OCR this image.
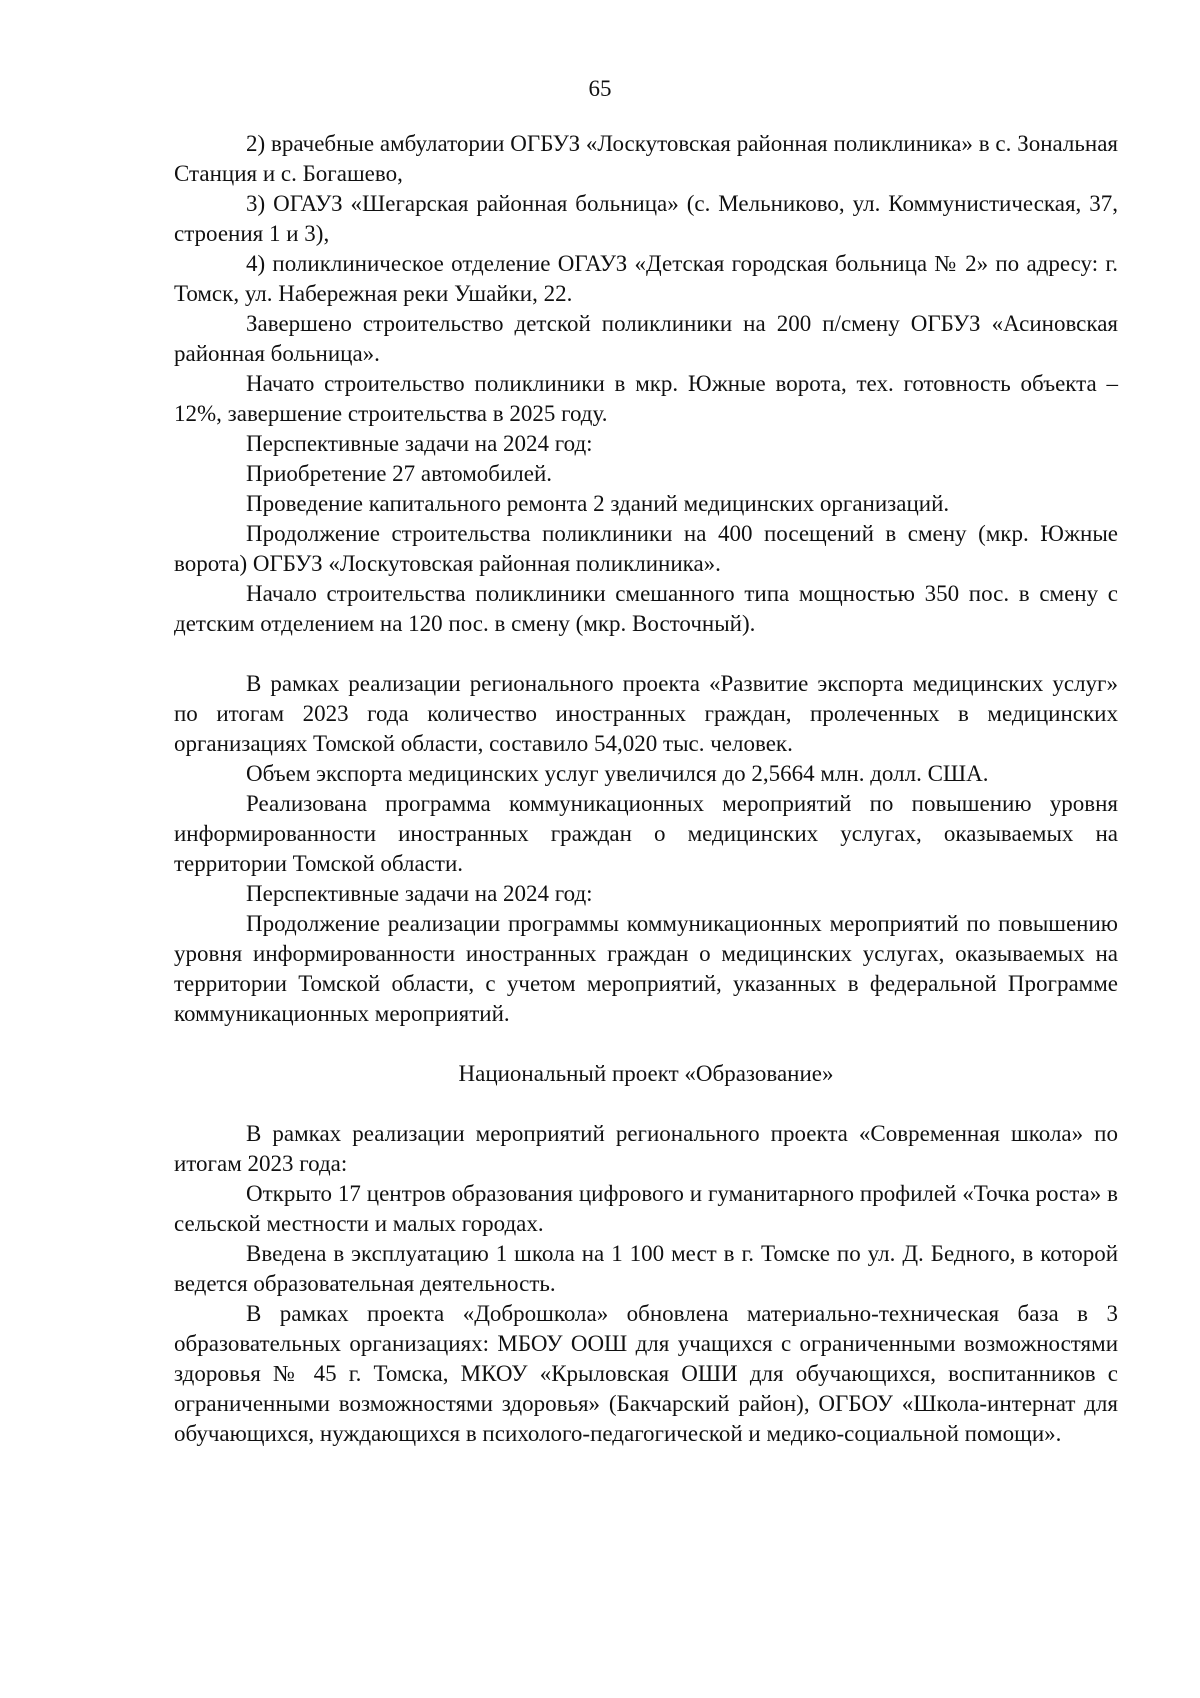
65

2) врачебные амбулатории ОГБУЗ «Лоскутовская районная поликлиника» в с. Зональная Станция и с. Богашево,

3) ОГАУЗ «Шегарская районная больница» (с. Мельниково, ул. Коммунистическая, 37, строения 1 и 3),

4) поликлиническое отделение ОГАУЗ «Детская городская больница № 2» по адресу: г. Томск, ул. Набережная реки Ушайки, 22.

Завершено строительство детской поликлиники на 200 п/смену ОГБУЗ «Асиновская районная больница».

Начато строительство поликлиники в мкр. Южные ворота, тех. готовность объекта – 12%, завершение строительства в 2025 году.

Перспективные задачи на 2024 год:

Приобретение 27 автомобилей.

Проведение капитального ремонта 2 зданий медицинских организаций.

Продолжение строительства поликлиники на 400 посещений в смену (мкр. Южные ворота) ОГБУЗ «Лоскутовская районная поликлиника».

Начало строительства поликлиники смешанного типа мощностью 350 пос. в смену с детским отделением на 120 пос. в смену (мкр. Восточный).

В рамках реализации регионального проекта «Развитие экспорта медицинских услуг» по итогам 2023 года количество иностранных граждан, пролеченных в медицинских организациях Томской области, составило 54,020 тыс. человек.

Объем экспорта медицинских услуг увеличился до 2,5664 млн. долл. США.

Реализована программа коммуникационных мероприятий по повышению уровня информированности иностранных граждан о медицинских услугах, оказываемых на территории Томской области.

Перспективные задачи на 2024 год:

Продолжение реализации программы коммуникационных мероприятий по повышению уровня информированности иностранных граждан о медицинских услугах, оказываемых на территории Томской области, с учетом мероприятий, указанных в федеральной Программе коммуникационных мероприятий.

Национальный проект «Образование»

В рамках реализации мероприятий регионального проекта «Современная школа» по итогам 2023 года:

Открыто 17 центров образования цифрового и гуманитарного профилей «Точка роста» в сельской местности и малых городах.

Введена в эксплуатацию 1 школа на 1 100 мест в г. Томске по ул. Д. Бедного, в которой ведется образовательная деятельность.

В рамках проекта «Доброшкола» обновлена материально-техническая база в 3 образовательных организациях: МБОУ ООШ для учащихся с ограниченными возможностями здоровья № 45 г. Томска, МКОУ «Крыловская ОШИ для обучающихся, воспитанников с ограниченными возможностями здоровья» (Бакчарский район), ОГБОУ «Школа-интернат для обучающихся, нуждающихся в психолого-педагогической и медико-социальной помощи».
